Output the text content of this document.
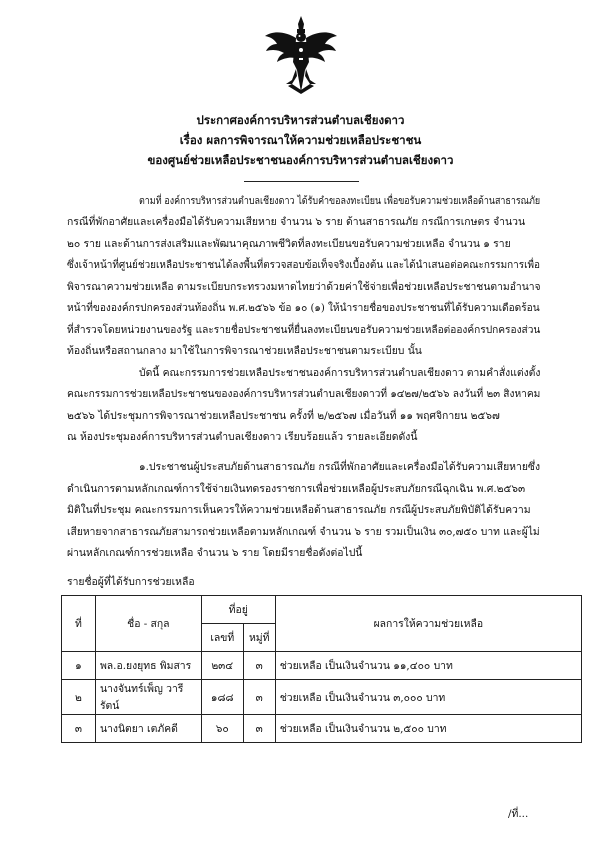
ประกาศองค์การบริหารส่วนตำบลเชียงดาว
เรื่อง ผลการพิจารณาให้ความช่วยเหลือประชาชน
ของศูนย์ช่วยเหลือประชาชนองค์การบริหารส่วนตำบลเชียงดาว
ตามที่ องค์การบริหารส่วนตำบลเชียงดาว ได้รับคำขอลงทะเบียน เพื่อขอรับความช่วยเหลือด้านสาธารณภัย
กรณีที่พักอาศัยและเครื่องมือได้รับความเสียหาย จำนวน ๖ ราย ด้านสาธารณภัย กรณีการเกษตร จำนวน
๒๐ ราย และด้านการส่งเสริมและพัฒนาคุณภาพชีวิตที่ลงทะเบียนขอรับความช่วยเหลือ จำนวน ๑ ราย
ซึ่งเจ้าหน้าที่ศูนย์ช่วยเหลือประชาชนได้ลงพื้นที่ตรวจสอบข้อเท็จจริงเบื้องต้น และได้นำเสนอต่อคณะกรรมการเพื่อ
พิจารณาความช่วยเหลือ ตามระเบียบกระทรวงมหาดไทยว่าด้วยค่าใช้จ่ายเพื่อช่วยเหลือประชาชนตามอำนาจ
หน้าที่ขององค์กรปกครองส่วนท้องถิ่น พ.ศ.๒๕๖๖ ข้อ ๑๐ (๑) ให้นำรายชื่อของประชาชนที่ได้รับความเดือดร้อน
ที่สำรวจโดยหน่วยงานของรัฐ และรายชื่อประชาชนที่ยื่นลงทะเบียนขอรับความช่วยเหลือต่อองค์กรปกครองส่วน
ท้องถิ่นหรือสถานกลาง มาใช้ในการพิจารณาช่วยเหลือประชาชนตามระเบียบ นั้น
บัดนี้ คณะกรรมการช่วยเหลือประชาชนองค์การบริหารส่วนตำบลเชียงดาว ตามคำสั่งแต่งตั้ง
คณะกรรมการช่วยเหลือประชาชนขององค์การบริหารส่วนตำบลเชียงดาวที่ ๑๔๒๗/๒๕๖๖ ลงวันที่ ๒๓ สิงหาคม
๒๕๖๖ ได้ประชุมการพิจารณาช่วยเหลือประชาชน ครั้งที่ ๒/๒๕๖๗ เมื่อวันที่ ๑๑ พฤศจิกายน ๒๕๖๗
ณ ห้องประชุมองค์การบริหารส่วนตำบลเชียงดาว เรียบร้อยแล้ว รายละเอียดดังนี้
๑.ประชาชนผู้ประสบภัยด้านสาธารณภัย กรณีที่พักอาศัยและเครื่องมือได้รับความเสียหายซึ่ง
ดำเนินการตามหลักเกณฑ์การใช้จ่ายเงินทดรองราชการเพื่อช่วยเหลือผู้ประสบภัยกรณีฉุกเฉิน พ.ศ.๒๕๖๓
มิติในที่ประชุม คณะกรรมการเห็นควรให้ความช่วยเหลือด้านสาธารณภัย กรณีผู้ประสบภัยพิบัติได้รับความ
เสียหายจากสาธารณภัยสามารถช่วยเหลือตามหลักเกณฑ์ จำนวน ๖ ราย รวมเป็นเงิน ๓๐,๗๕๐ บาท และผู้ไม่
ผ่านหลักเกณฑ์การช่วยเหลือ จำนวน ๖ ราย โดยมีรายชื่อดังต่อไปนี้
รายชื่อผู้ที่ได้รับการช่วยเหลือ
ที่	ชื่อ - สกุล	ที่อยู่		ผลการให้ความช่วยเหลือ
		เลขที่	หมู่ที่	
๑	พล.อ.ยงยุทธ พิมสาร	๒๓๔	๓	ช่วยเหลือ เป็นเงินจำนวน ๑๑,๔๐๐ บาท
๒	นางจันทร์เพ็ญ วารีรัตน์	๑๘๘	๓	ช่วยเหลือ เป็นเงินจำนวน ๓,๐๐๐ บาท
๓	นางนิตยา เตภัคดี	๖๐	๓	ช่วยเหลือ เป็นเงินจำนวน ๒,๕๐๐ บาท
/ที่...
